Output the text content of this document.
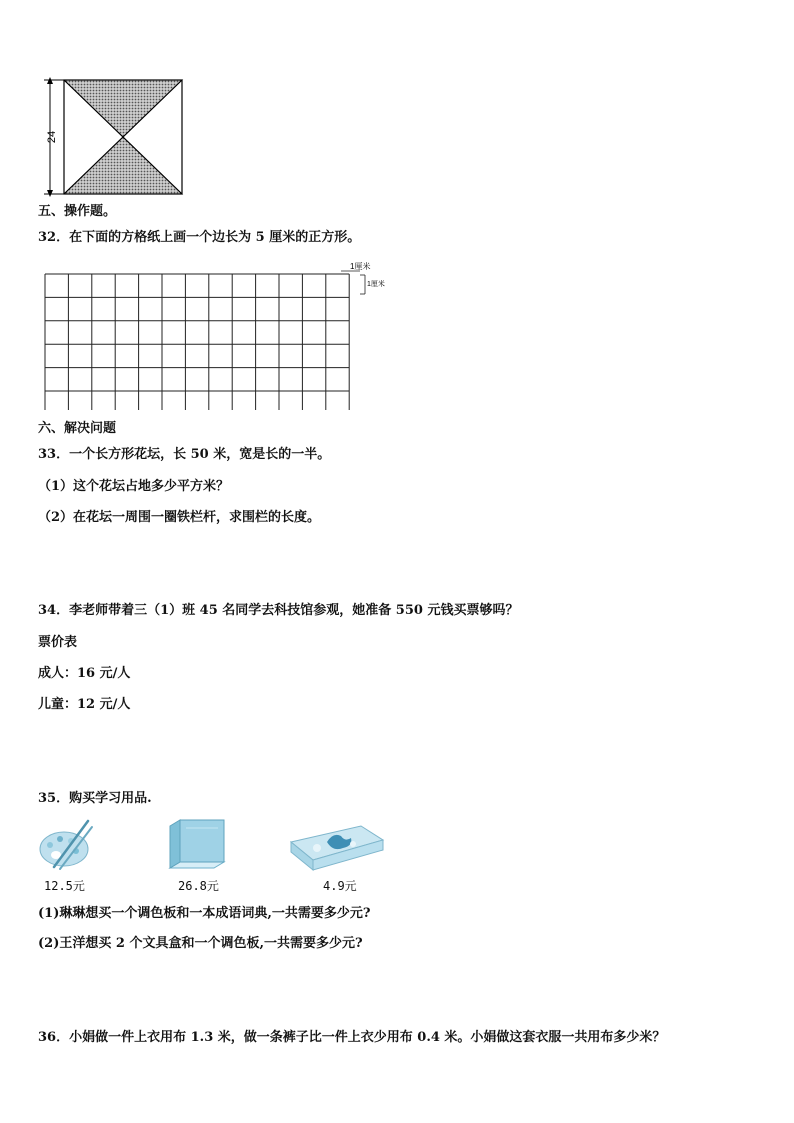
24
五、操作题。
32．在下面的方格纸上画一个边长为 5 厘米的正方形。
1厘米
1厘米
六、解决问题
33．一个长方形花坛，长 50 米，宽是长的一半。
（1）这个花坛占地多少平方米？
（2）在花坛一周围一圈铁栏杆，求围栏的长度。
34．李老师带着三（1）班 45 名同学去科技馆参观，她准备 550 元钱买票够吗？
票价表
成人：16 元/人
儿童：12 元/人
35．购买学习用品.
12.5元	26.8元	4.9元
(1)琳琳想买一个调色板和一本成语词典,一共需要多少元?
(2)王洋想买 2 个文具盒和一个调色板,一共需要多少元?
36．小娟做一件上衣用布 1.3 米，做一条裤子比一件上衣少用布 0.4 米。小娟做这套衣服一共用布多少米？
